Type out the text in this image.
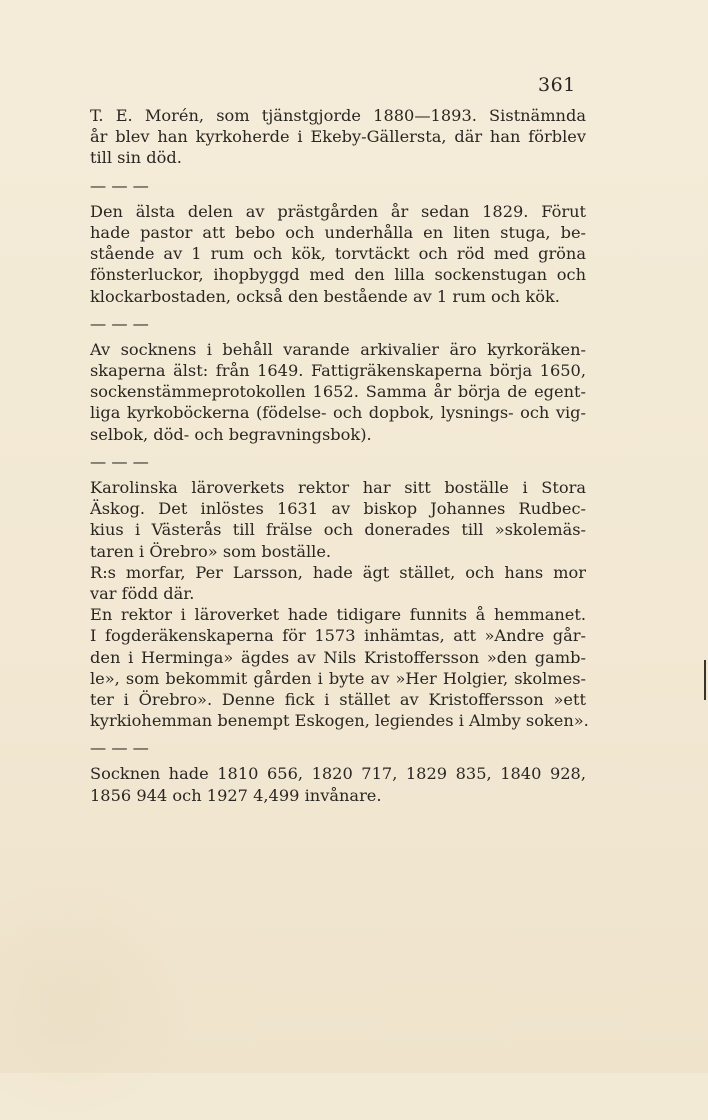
361
T. E. Morén, som tjänstgjorde 1880—1893. Sistnämnda
år blev han kyrkoherde i Ekeby-Gällersta, där han förblev
till sin död.
— — —
Den älsta delen av prästgården år sedan 1829. Förut
hade pastor att bebo och underhålla en liten stuga, be-
stående av 1 rum och kök, torvtäckt och röd med gröna
fönsterluckor, ihopbyggd med den lilla sockenstugan och
klockarbostaden, också den bestående av 1 rum och kök.
— — —
Av socknens i behåll varande arkivalier äro kyrkoräken-
skaperna älst: från 1649. Fattigräkenskaperna börja 1650,
sockenstämmeprotokollen 1652. Samma år börja de egent-
liga kyrkoböckerna (födelse- och dopbok, lysnings- och vig-
selbok, död- och begravningsbok).
— — —
Karolinska läroverkets rektor har sitt boställe i Stora
Äskog. Det inlöstes 1631 av biskop Johannes Rudbec-
kius i Västerås till frälse och donerades till »skolemäs-
taren i Örebro» som boställe.
R:s morfar, Per Larsson, hade ägt stället, och hans mor
var född där.
En rektor i läroverket hade tidigare funnits å hemmanet.
I fogderäkenskaperna för 1573 inhämtas, att »Andre går-
den i Herminga» ägdes av Nils Kristoffersson »den gamb-
le», som bekommit gården i byte av »Her Holgier, skolmes-
ter i Örebro». Denne fick i stället av Kristoffersson »ett
kyrkiohemman benempt Eskogen, legiendes i Almby soken».
— — —
Socknen hade 1810 656, 1820 717, 1829 835, 1840 928,
1856 944 och 1927 4,499 invånare.
